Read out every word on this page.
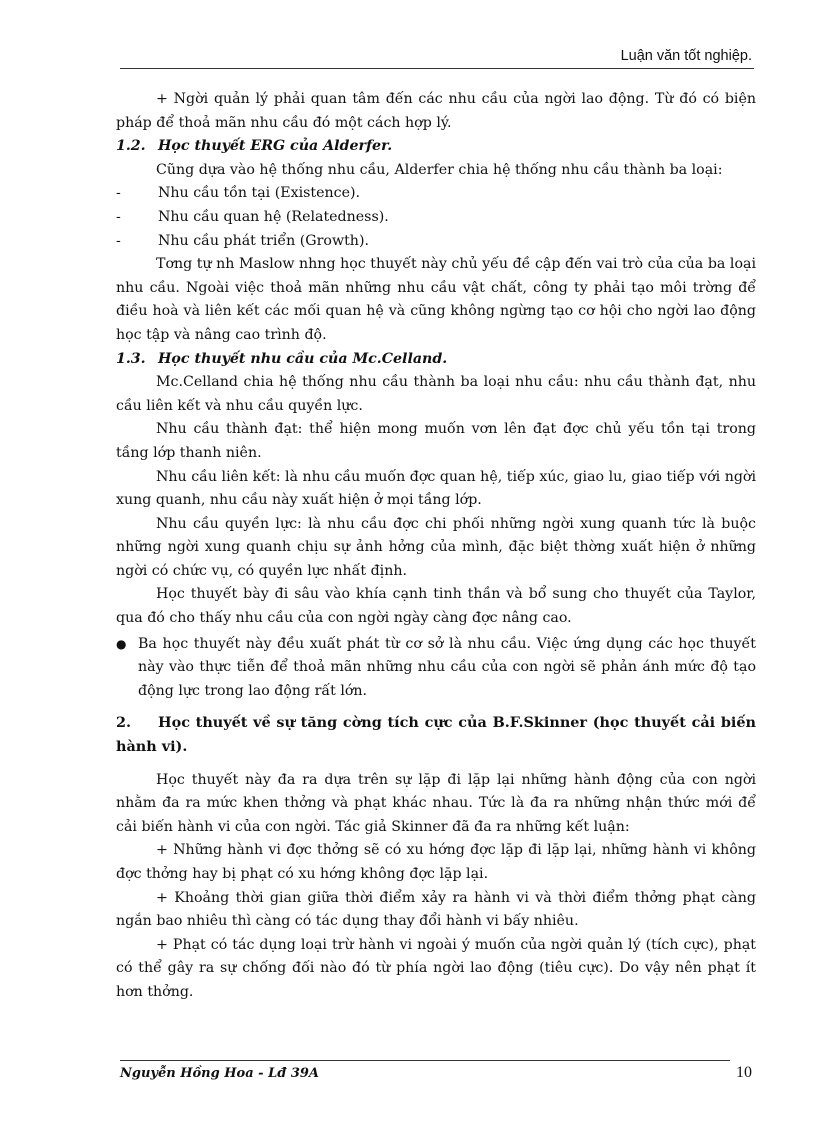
Luận văn tốt nghiệp.

+ Ngời quản lý phải quan tâm đến các nhu cầu của ngời lao động. Từ đó có biện pháp để thoả mãn nhu cầu đó một cách hợp lý.

1.2. Học thuyết ERG của Alderfer.

Cũng dựa vào hệ thống nhu cầu, Alderfer chia hệ thống nhu cầu thành ba loại:

-	Nhu cầu tồn tại (Existence).
-	Nhu cầu quan hệ (Relatedness).
-	Nhu cầu phát triển (Growth).

Tơng tự nh Maslow nhng học thuyết này chủ yếu đề cập đến vai trò của của ba loại nhu cầu. Ngoài việc thoả mãn những nhu cầu vật chất, công ty phải tạo môi trờng để điều hoà và liên kết các mối quan hệ và cũng không ngừng tạo cơ hội cho ngời lao động học tập và nâng cao trình độ.

1.3. Học thuyết nhu cầu của Mc.Celland.

Mc.Celland chia hệ thống nhu cầu thành ba loại nhu cầu: nhu cầu thành đạt, nhu cầu liên kết và nhu cầu quyền lực.

Nhu cầu thành đạt: thể hiện mong muốn vơn lên đạt đợc chủ yếu tồn tại trong tầng lớp thanh niên.

Nhu cầu liên kết: là nhu cầu muốn đợc quan hệ, tiếp xúc, giao lu, giao tiếp với ngời xung quanh, nhu cầu này xuất hiện ở mọi tầng lớp.

Nhu cầu quyền lực: là nhu cầu đợc chi phối những ngời xung quanh tức là buộc những ngời xung quanh chịu sự ảnh hởng của mình, đặc biệt thờng xuất hiện ở những ngời có chức vụ, có quyền lực nhất định.

Học thuyết bày đi sâu vào khía cạnh tinh thần và bổ sung cho thuyết của Taylor, qua đó cho thấy nhu cầu của con ngời ngày càng đợc nâng cao.

● Ba học thuyết này đều xuất phát từ cơ sở là nhu cầu. Việc ứng dụng các học thuyết này vào thực tiễn để thoả mãn những nhu cầu của con ngời sẽ phản ánh mức độ tạo động lực trong lao động rất lớn.

2. Học thuyết về sự tăng cờng tích cực của B.F.Skinner (học thuyết cải biến hành vi).

Học thuyết này đa ra dựa trên sự lặp đi lặp lại những hành động của con ngời nhằm đa ra mức khen thởng và phạt khác nhau. Tức là đa ra những nhận thức mới để cải biến hành vi của con ngời. Tác giả Skinner đã đa ra những kết luận:

+ Những hành vi đợc thởng sẽ có xu hớng đợc lặp đi lặp lại, những hành vi không đợc thởng hay bị phạt có xu hớng không đợc lặp lại.

+ Khoảng thời gian giữa thời điểm xảy ra hành vi và thời điểm thởng phạt càng ngắn bao nhiêu thì càng có tác dụng thay đổi hành vi bấy nhiêu.

+ Phạt có tác dụng loại trừ hành vi ngoài ý muốn của ngời quản lý (tích cực), phạt có thể gây ra sự chống đối nào đó từ phía ngời lao động (tiêu cực). Do vậy nên phạt ít hơn thởng.

Nguyễn Hồng Hoa - Lđ 39A	10
